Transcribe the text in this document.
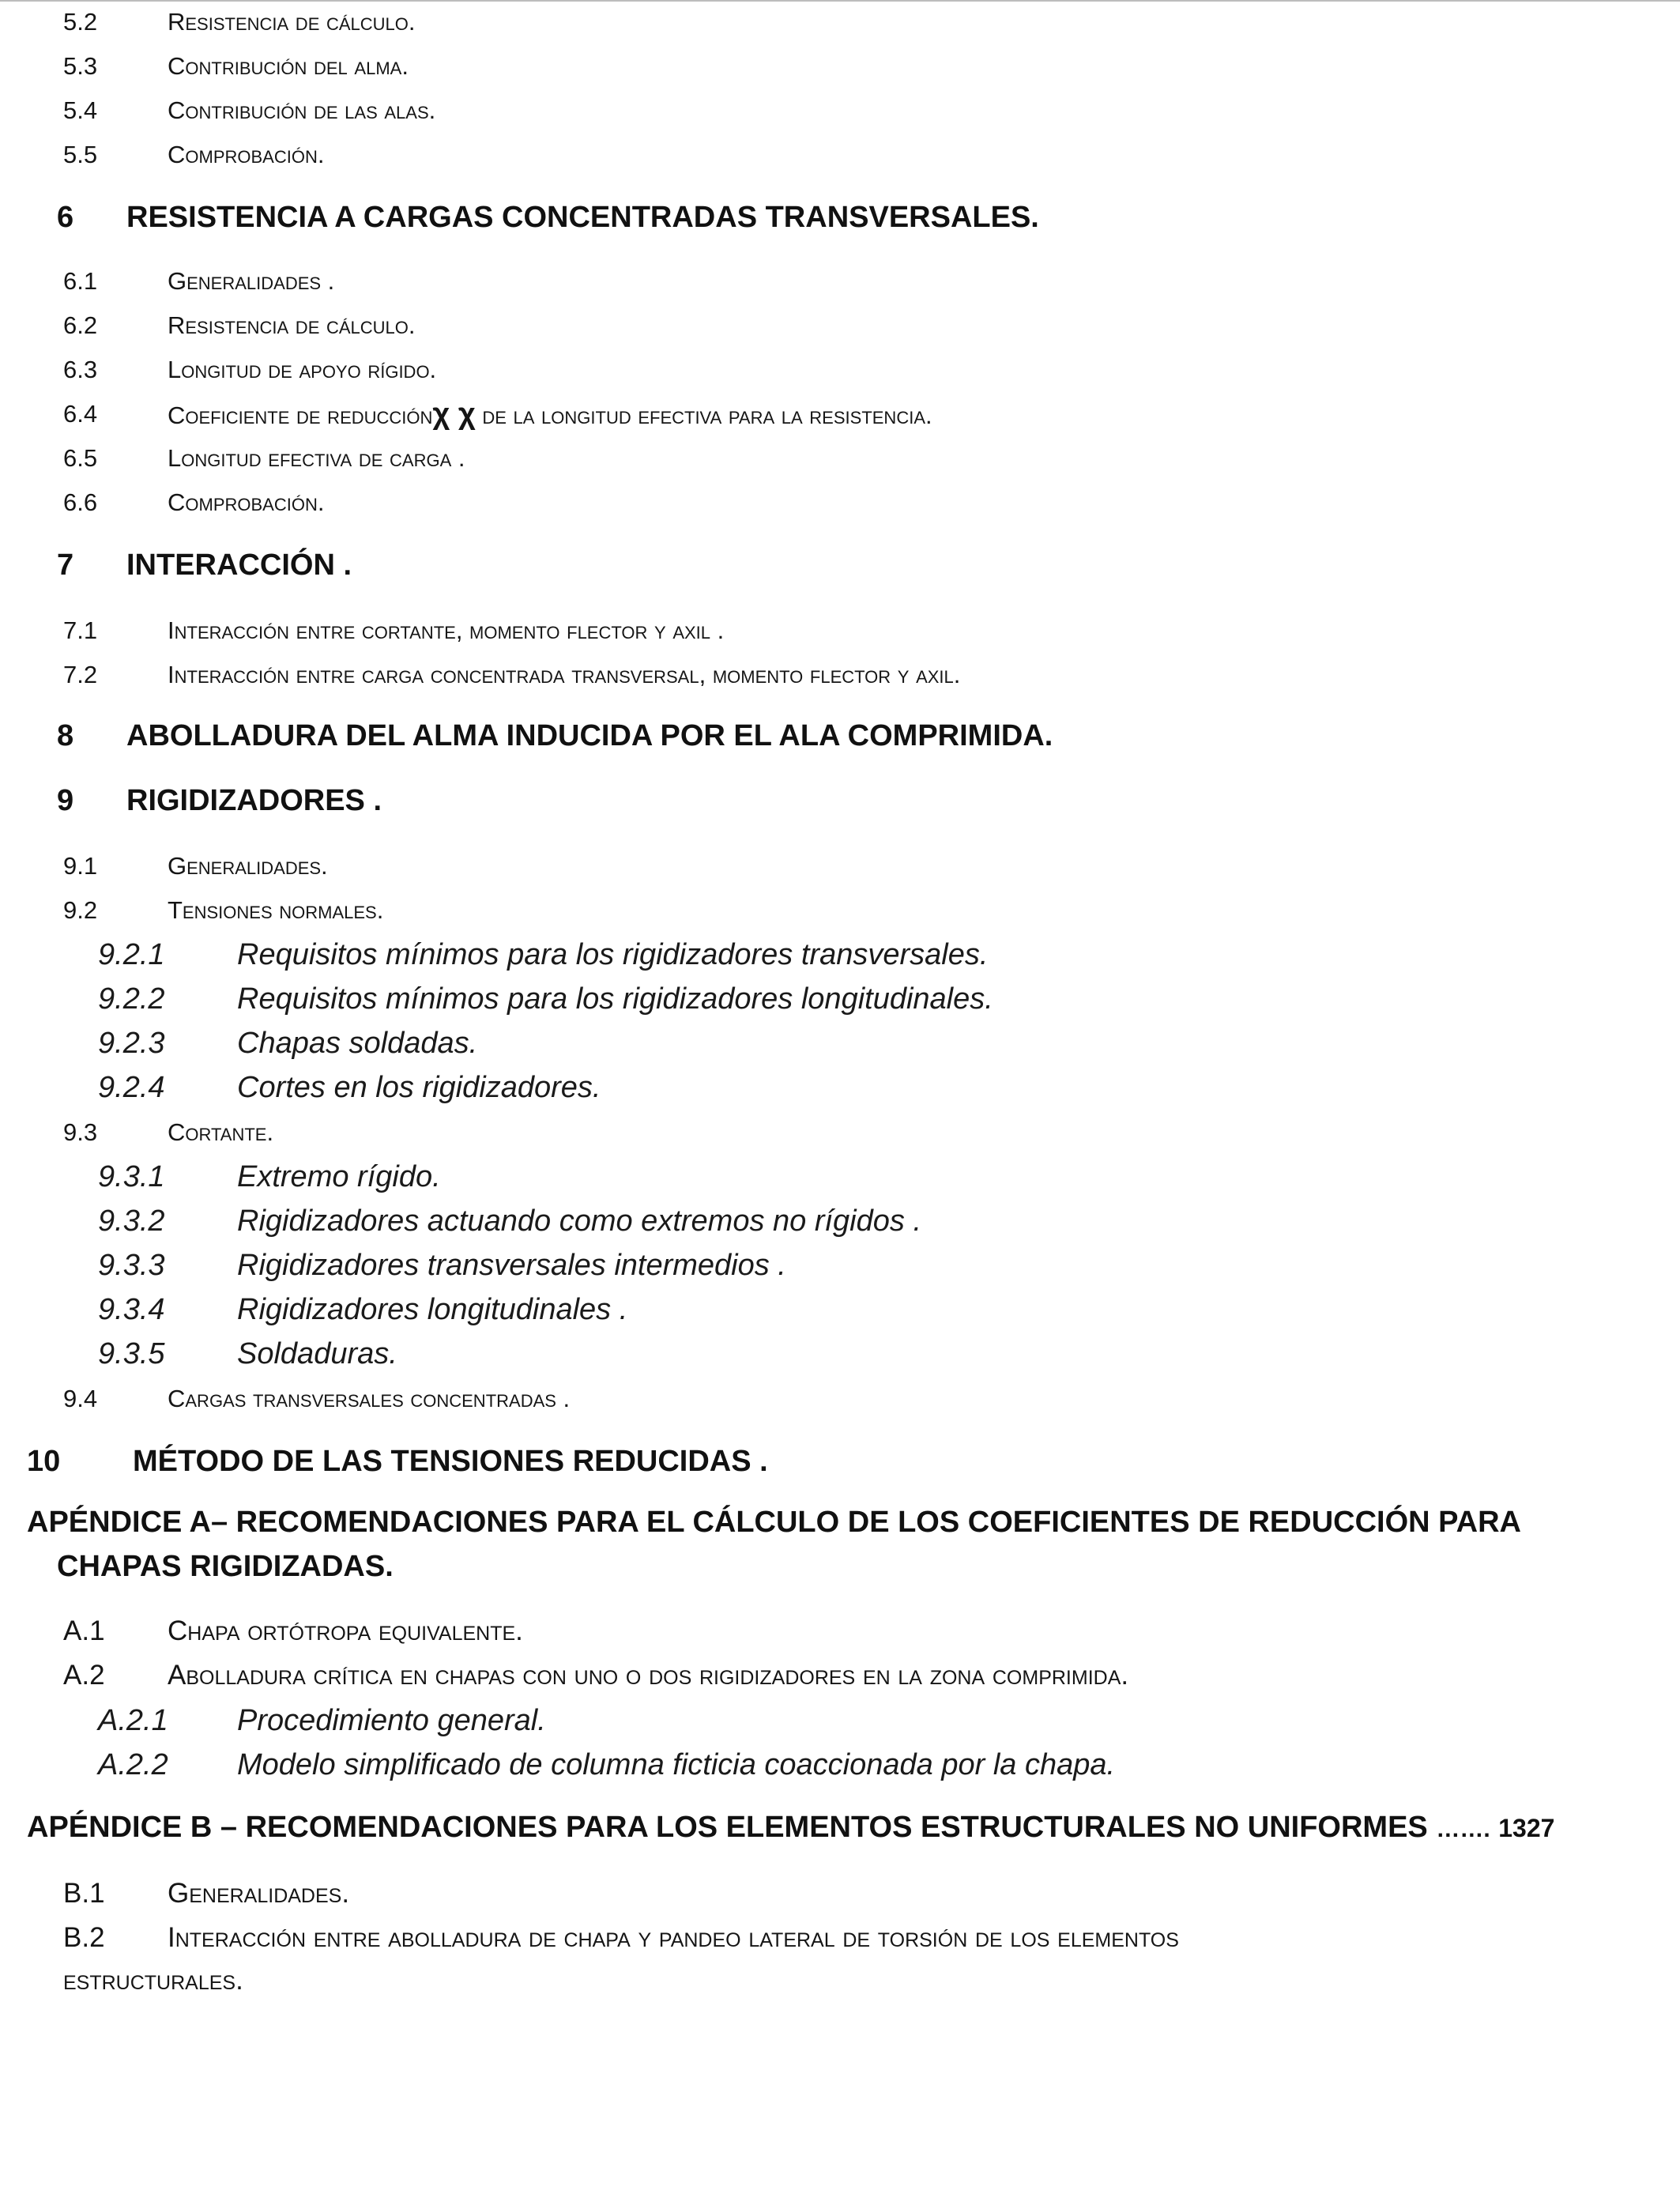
5.2	Resistencia de cálculo.
5.3	Contribución del alma.
5.4	Contribución de las alas.
5.5	Comprobación.
6 RESISTENCIA A CARGAS CONCENTRADAS TRANSVERSALES.
6.1	Generalidades .
6.2	Resistencia de cálculo.
6.3	Longitud de apoyo rígido.
6.4	Coeficiente de reducciónχ χ de la longitud efectiva para la resistencia.
6.5	Longitud efectiva de carga .
6.6	Comprobación.
7 INTERACCIÓN .
7.1	Interacción entre cortante, momento flector y axil .
7.2	Interacción entre carga concentrada transversal, momento flector y axil.
8 ABOLLADURA DEL ALMA INDUCIDA POR EL ALA COMPRIMIDA.
9 RIGIDIZADORES .
9.1	Generalidades.
9.2	Tensiones normales.
9.2.1 Requisitos mínimos para los rigidizadores transversales.
9.2.2 Requisitos mínimos para los rigidizadores longitudinales.
9.2.3 Chapas soldadas.
9.2.4 Cortes en los rigidizadores.
9.3	Cortante.
9.3.1 Extremo rígido.
9.3.2 Rigidizadores actuando como extremos no rígidos .
9.3.3 Rigidizadores transversales intermedios .
9.3.4 Rigidizadores longitudinales .
9.3.5 Soldaduras.
9.4	Cargas transversales concentradas .
10 MÉTODO DE LAS TENSIONES REDUCIDAS .
APÉNDICE A– RECOMENDACIONES PARA EL CÁLCULO DE LOS COEFICIENTES DE REDUCCIÓN PARA
CHAPAS RIGIDIZADAS.
A.1 Chapa ortótropa equivalente.
A.2 Abolladura crítica en chapas con uno o dos rigidizadores en la zona comprimida.
A.2.1 Procedimiento general.
A.2.2 Modelo simplificado de columna ficticia coaccionada por la chapa.
APÉNDICE B – RECOMENDACIONES PARA LOS ELEMENTOS ESTRUCTURALES NO UNIFORMES ……. 1327
B.1 Generalidades.
B.2 Interacción entre abolladura de chapa y pandeo lateral de torsión de los elementos
estructurales.
